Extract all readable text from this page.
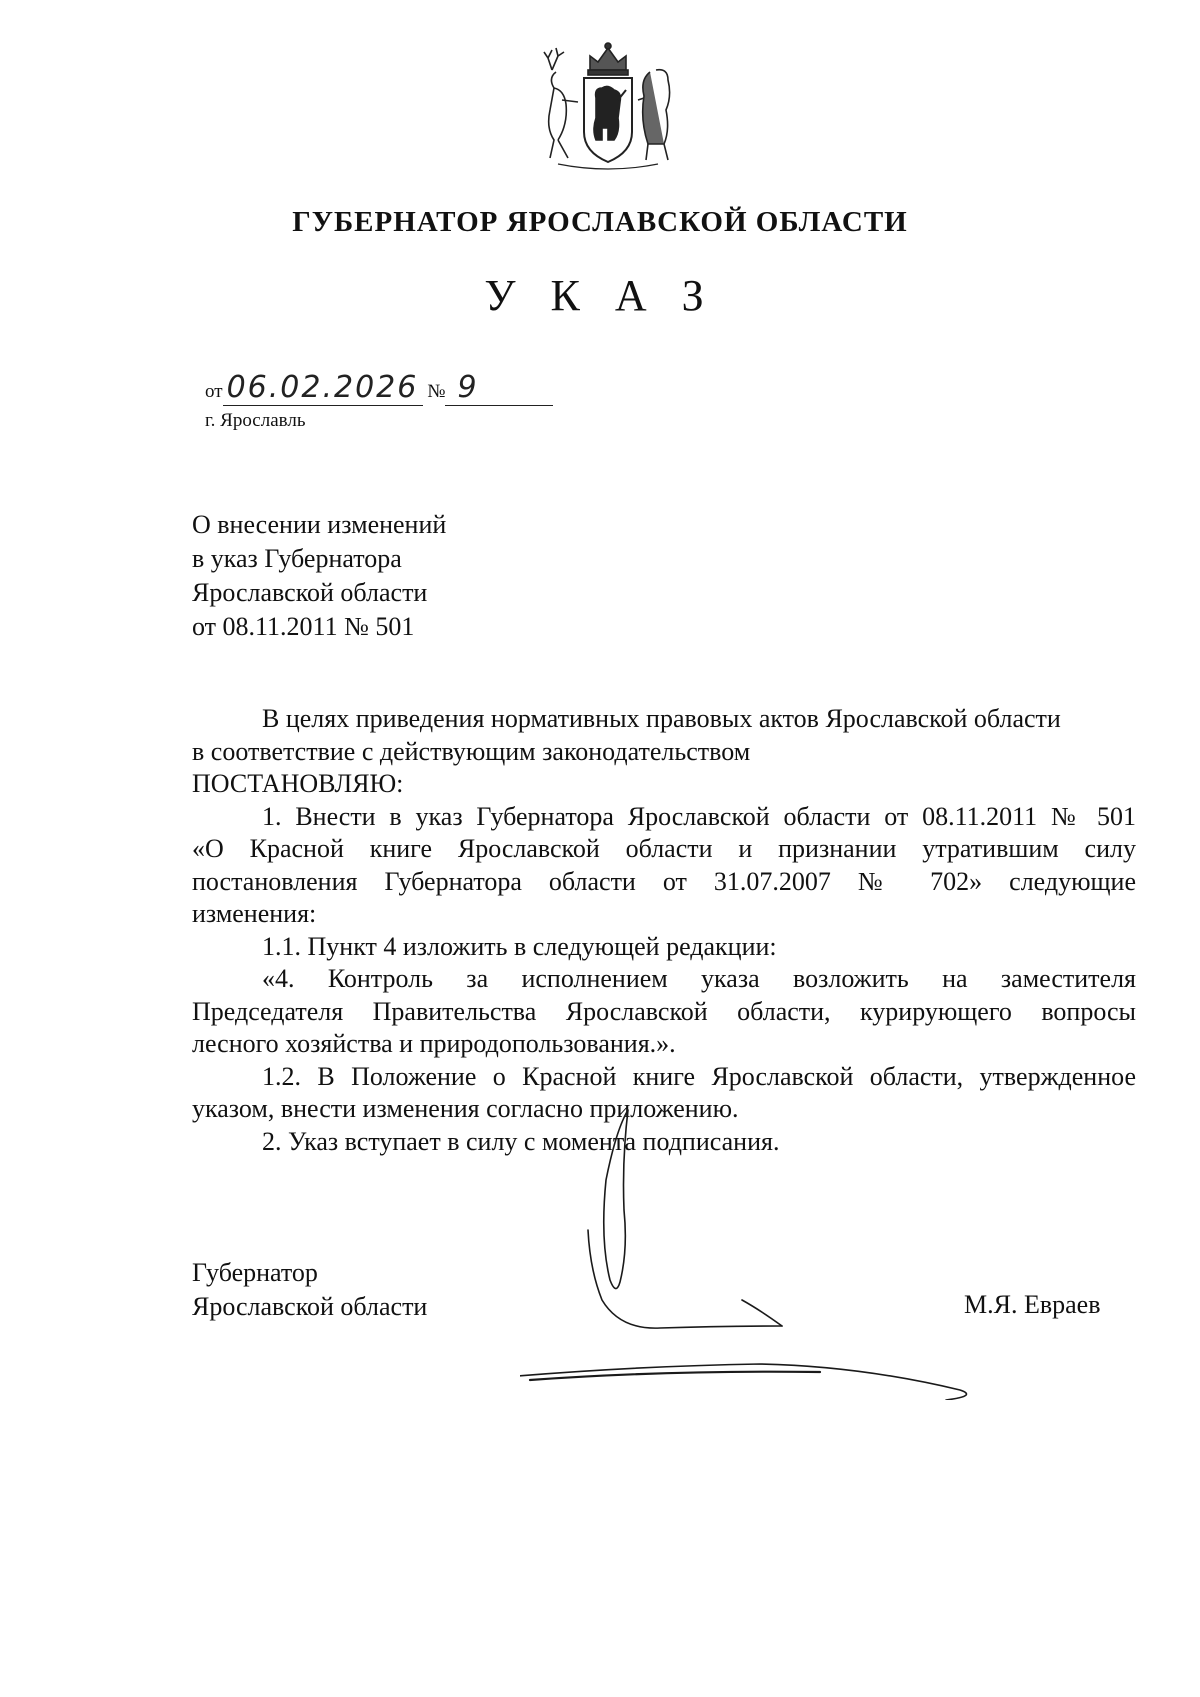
ГУБЕРНАТОР ЯРОСЛАВСКОЙ ОБЛАСТИ
У К А З
от 06.02.2026 № 9
г. Ярославль
О внесении изменений
в указ Губернатора
Ярославской области
от 08.11.2011 № 501

В целях приведения нормативных правовых актов Ярославской области

в соответствие с действующим законодательством

ПОСТАНОВЛЯЮ:

1. Внести в указ Губернатора Ярославской области от 08.11.2011 № 501

«О Красной книге Ярославской области и признании утратившим силу

постановления Губернатора области от 31.07.2007 № 702» следующие

изменения:

1.1. Пункт 4 изложить в следующей редакции:

«4. Контроль за исполнением указа возложить на заместителя

Председателя Правительства Ярославской области, курирующего вопросы

лесного хозяйства и природопользования.».

1.2. В Положение о Красной книге Ярославской области, утвержденное

указом, внести изменения согласно приложению.

2. Указ вступает в силу с момента подписания.

Губернатор
Ярославской области	М.Я. Евраев
